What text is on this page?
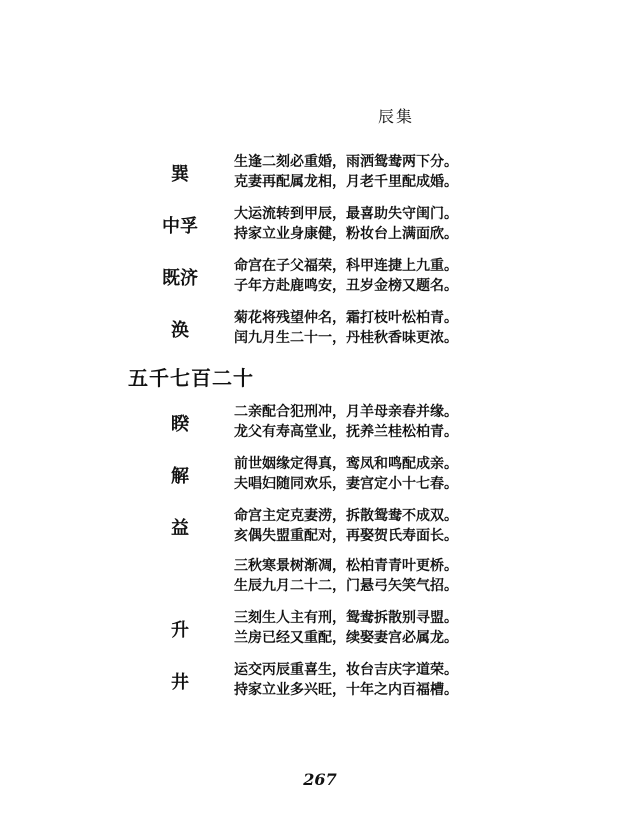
辰集
巽
生逢二刻必重婚，雨洒鸳鸯两下分。
克妻再配属龙相，月老千里配成婚。
中孚
大运流转到甲辰，最喜助失守闺门。
持家立业身康健，粉妆台上满面欣。
既济
命宫在子父福荣，科甲连捷上九重。
子年方赴鹿鸣安，丑岁金榜又题名。
涣
菊花将残望仲名，霜打枝叶松柏青。
闰九月生二十一，丹桂秋香味更浓。
五千七百二十
睽
二亲配合犯刑冲，月羊母亲春并缘。
龙父有寿高堂业，抚养兰桂松柏青。
解
前世姻缘定得真，鸾凤和鸣配成亲。
夫唱妇随同欢乐，妻宫定小十七春。
益
命宫主定克妻涝，拆散鸳鸯不成双。
亥偶失盟重配对，再娶贺氏寿面长。
三秋寒景树渐凋，松柏青青叶更桥。
生辰九月二十二，门悬弓矢笑气招。
升
三刻生人主有刑，鸳鸯拆散别寻盟。
兰房已经又重配，续娶妻宫必属龙。
井
运交丙辰重喜生，妆台吉庆字道荣。
持家立业多兴旺，十年之内百福槽。
267
